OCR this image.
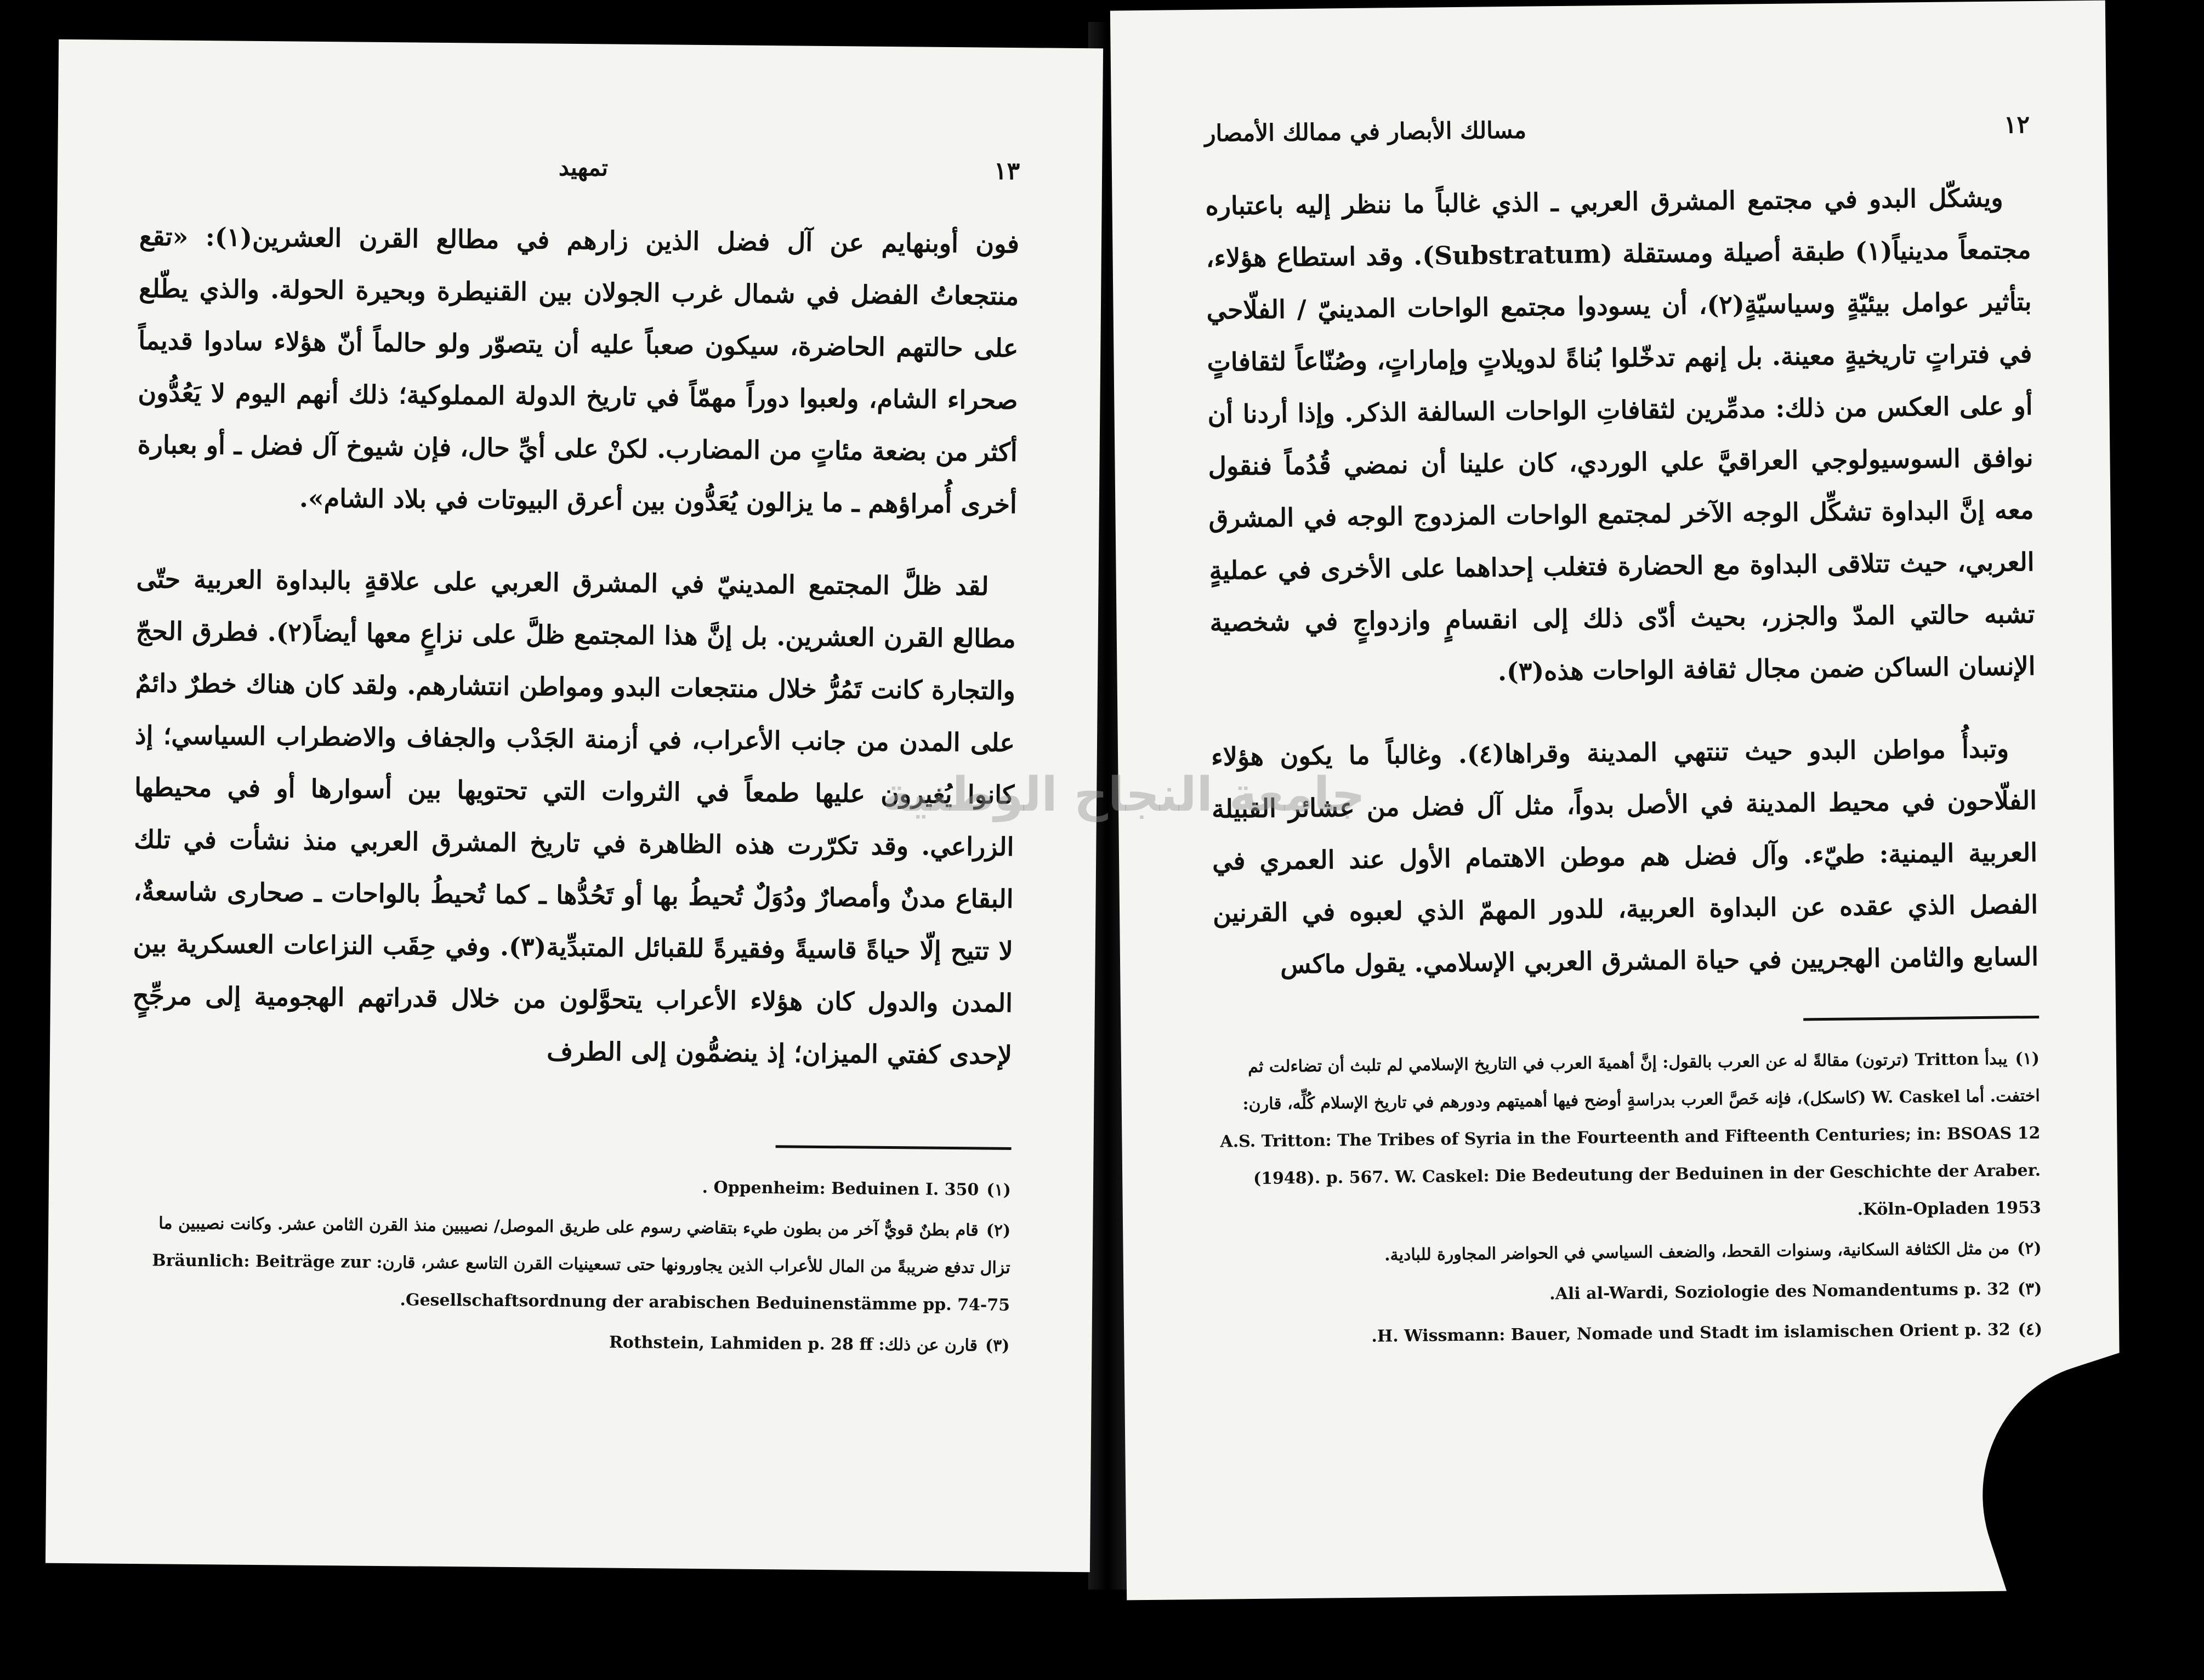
١٣
تمهيد

فون أوبنهايم عن آل فضل الذين زارهم في مطالع القرن العشرين(١): «تقع منتجعاتُ الفضل في شمال غرب الجولان بين القنيطرة وبحيرة الحولة. والذي يطّلع على حالتهم الحاضرة، سيكون صعباً عليه أن يتصوّر ولو حالماً أنّ هؤلاء سادوا قديماً صحراء الشام، ولعبوا دوراً مهمّاً في تاريخ الدولة المملوكية؛ ذلك أنهم اليوم لا يَعُدُّون أكثر من بضعة مئاتٍ من المضارب. لكنْ على أيِّ حال، فإن شيوخ آل فضل ـ أو بعبارة أخرى أُمراؤهم ـ ما يزالون يُعَدُّون بين أعرق البيوتات في بلاد الشام».

لقد ظلَّ المجتمع المدينيّ في المشرق العربي على علاقةٍ بالبداوة العربية حتّى مطالع القرن العشرين. بل إنَّ هذا المجتمع ظلَّ على نزاعٍ معها أيضاً(٢). فطرق الحجّ والتجارة كانت تَمُرُّ خلال منتجعات البدو ومواطن انتشارهم. ولقد كان هناك خطرٌ دائمٌ على المدن من جانب الأعراب، في أزمنة الجَدْب والجفاف والاضطراب السياسي؛ إذ كانوا يُغيرون عليها طمعاً في الثروات التي تحتويها بين أسوارها أو في محيطها الزراعي. وقد تكرّرت هذه الظاهرة في تاريخ المشرق العربي منذ نشأت في تلك البقاع مدنٌ وأمصارٌ ودُوَلٌ تُحيطُ بها أو تَحُدُّها ـ كما تُحيطُ بالواحات ـ صحارى شاسعةٌ، لا تتيح إلّا حياةً قاسيةً وفقيرةً للقبائل المتبدِّية(٣). وفي حِقَب النزاعات العسكرية بين المدن والدول كان هؤلاء الأعراب يتحوَّلون من خلال قدراتهم الهجومية إلى مرجِّحٍ لإحدى كفتي الميزان؛ إذ ينضمُّون إلى الطرف

(١)Oppenheim: Beduinen I. 350 .

(٢)قام بطنٌ قويٌّ آخر من بطون طيء بتقاضي رسوم على طريق الموصل/ نصيبين منذ القرن الثامن عشر. وكانت نصيبين ما تزال تدفع ضريبةً من المال للأعراب الذين يجاورونها حتى تسعينيات القرن التاسع عشر، قارن: Bräunlich: Beiträge zur Gesellschaftsordnung der arabischen Beduinenstämme pp. 74-75.

(٣)قارن عن ذلك: Rothstein, Lahmiden p. 28 ff

١٢
مسالك الأبصار في ممالك الأمصار

ويشكّل البدو في مجتمع المشرق العربي ـ الذي غالباً ما ننظر إليه باعتباره مجتمعاً مدينياً(١) طبقة أصيلة ومستقلة (Substratum). وقد استطاع هؤلاء، بتأثير عوامل بيئيّةٍ وسياسيّةٍ(٢)، أن يسودوا مجتمع الواحات المدينيّ / الفلّاحي في فتراتٍ تاريخيةٍ معينة. بل إنهم تدخّلوا بُناةً لدويلاتٍ وإماراتٍ، وصُنّاعاً لثقافاتٍ أو على العكس من ذلك: مدمِّرين لثقافاتِ الواحات السالفة الذكر. وإذا أردنا أن نوافق السوسيولوجي العراقيَّ علي الوردي، كان علينا أن نمضي قُدُماً فنقول معه إنَّ البداوة تشكِّل الوجه الآخر لمجتمع الواحات المزدوج الوجه في المشرق العربي، حيث تتلاقى البداوة مع الحضارة فتغلب إحداهما على الأخرى في عمليةٍ تشبه حالتي المدّ والجزر، بحيث أدّى ذلك إلى انقسامٍ وازدواجٍ في شخصية الإنسان الساكن ضمن مجال ثقافة الواحات هذه(٣).

وتبدأُ مواطن البدو حيث تنتهي المدينة وقراها(٤). وغالباً ما يكون هؤلاء الفلّاحون في محيط المدينة في الأصل بدواً، مثل آل فضل من عشائر القبيلة العربية اليمنية: طيّء. وآل فضل هم موطن الاهتمام الأول عند العمري في الفصل الذي عقده عن البداوة العربية، للدور المهمّ الذي لعبوه في القرنين السابع والثامن الهجريين في حياة المشرق العربي الإسلامي. يقول ماكس

(١)يبدأ Tritton (ترتون) مقالةً له عن العرب بالقول: إنَّ أهميةَ العرب في التاريخ الإسلامي لم تلبث أن تضاءلت ثم اختفت. أما W. Caskel (كاسكل)، فإنه خَصَّ العرب بدراسةٍ أوضح فيها أهميتهم ودورهم في تاريخ الإسلام كُلِّه، قارن: A.S. Tritton: The Tribes of Syria in the Fourteenth and Fifteenth Centuries; in: BSOAS 12 (1948). p. 567. W. Caskel: Die Bedeutung der Beduinen in der Geschichte der Araber. Köln-Opladen 1953.

(٢)من مثل الكثافة السكانية، وسنوات القحط، والضعف السياسي في الحواضر المجاورة للبادية.

(٣)Ali al-Wardi, Soziologie des Nomandentums p. 32.

(٤)H. Wissmann: Bauer, Nomade und Stadt im islamischen Orient p. 32.

جامعة النجاح الوطنية
